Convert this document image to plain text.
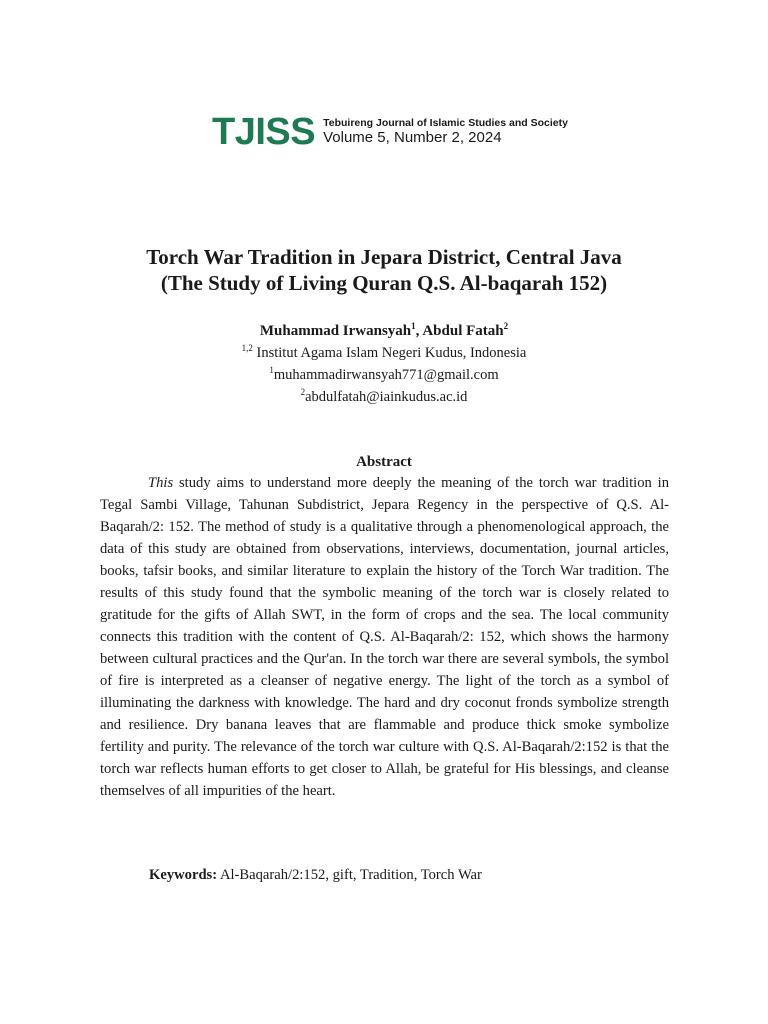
TJISS Tebuireng Journal of Islamic Studies and Society
Volume 5, Number 2, 2024
Torch War Tradition in Jepara District, Central Java
(The Study of Living Quran Q.S. Al-baqarah 152)
Muhammad Irwansyah$^1$, Abdul Fatah$^2$
$^{1,2}$ Institut Agama Islam Negeri Kudus, Indonesia
$^1$muhammadirwansyah771@gmail.com
$^2$abdulfatah@iainkudus.ac.id
Abstract

This study aims to understand more deeply the meaning of the torch war tradition in Tegal Sambi Village, Tahunan Subdistrict, Jepara Regency in the perspective of Q.S. Al-Baqarah/2: 152. The method of study is a qualitative through a phenomenological approach, the data of this study are obtained from observations, interviews, documentation, journal articles, books, tafsir books, and similar literature to explain the history of the Torch War tradition. The results of this study found that the symbolic meaning of the torch war is closely related to gratitude for the gifts of Allah SWT, in the form of crops and the sea. The local community connects this tradition with the content of Q.S. Al-Baqarah/2: 152, which shows the harmony between cultural practices and the Qur'an. In the torch war there are several symbols, the symbol of fire is interpreted as a cleanser of negative energy. The light of the torch as a symbol of illuminating the darkness with knowledge. The hard and dry coconut fronds symbolize strength and resilience. Dry banana leaves that are flammable and produce thick smoke symbolize fertility and purity. The relevance of the torch war culture with Q.S. Al-Baqarah/2:152 is that the torch war reflects human efforts to get closer to Allah, be grateful for His blessings, and cleanse themselves of all impurities of the heart.

Keywords: Al-Baqarah/2:152, gift, Tradition, Torch War
